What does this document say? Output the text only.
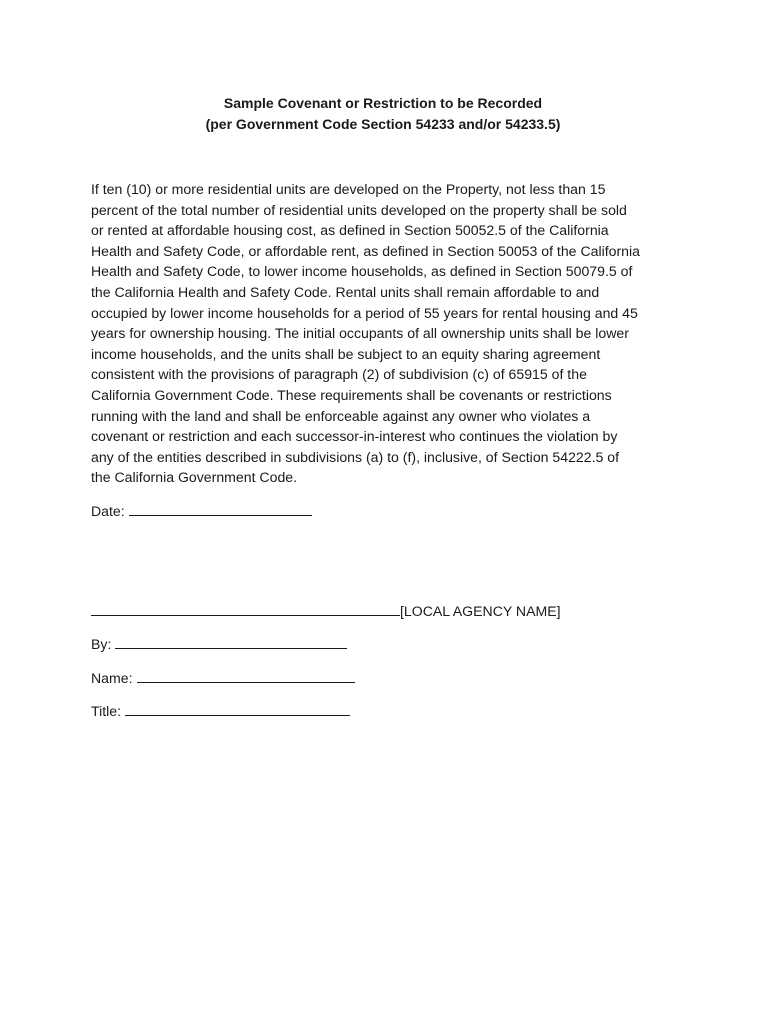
Sample Covenant or Restriction to be Recorded
(per Government Code Section 54233 and/or 54233.5)

If ten (10) or more residential units are developed on the Property, not less than 15
percent of the total number of residential units developed on the property shall be sold
or rented at affordable housing cost, as defined in Section 50052.5 of the California
Health and Safety Code, or affordable rent, as defined in Section 50053 of the California
Health and Safety Code, to lower income households, as defined in Section 50079.5 of
the California Health and Safety Code. Rental units shall remain affordable to and
occupied by lower income households for a period of 55 years for rental housing and 45
years for ownership housing. The initial occupants of all ownership units shall be lower
income households, and the units shall be subject to an equity sharing agreement
consistent with the provisions of paragraph (2) of subdivision (c) of 65915 of the
California Government Code. These requirements shall be covenants or restrictions
running with the land and shall be enforceable against any owner who violates a
covenant or restriction and each successor-in-interest who continues the violation by
any of the entities described in subdivisions (a) to (f), inclusive, of Section 54222.5 of
the California Government Code.

Date:
[LOCAL AGENCY NAME]
By:
Name:
Title:
